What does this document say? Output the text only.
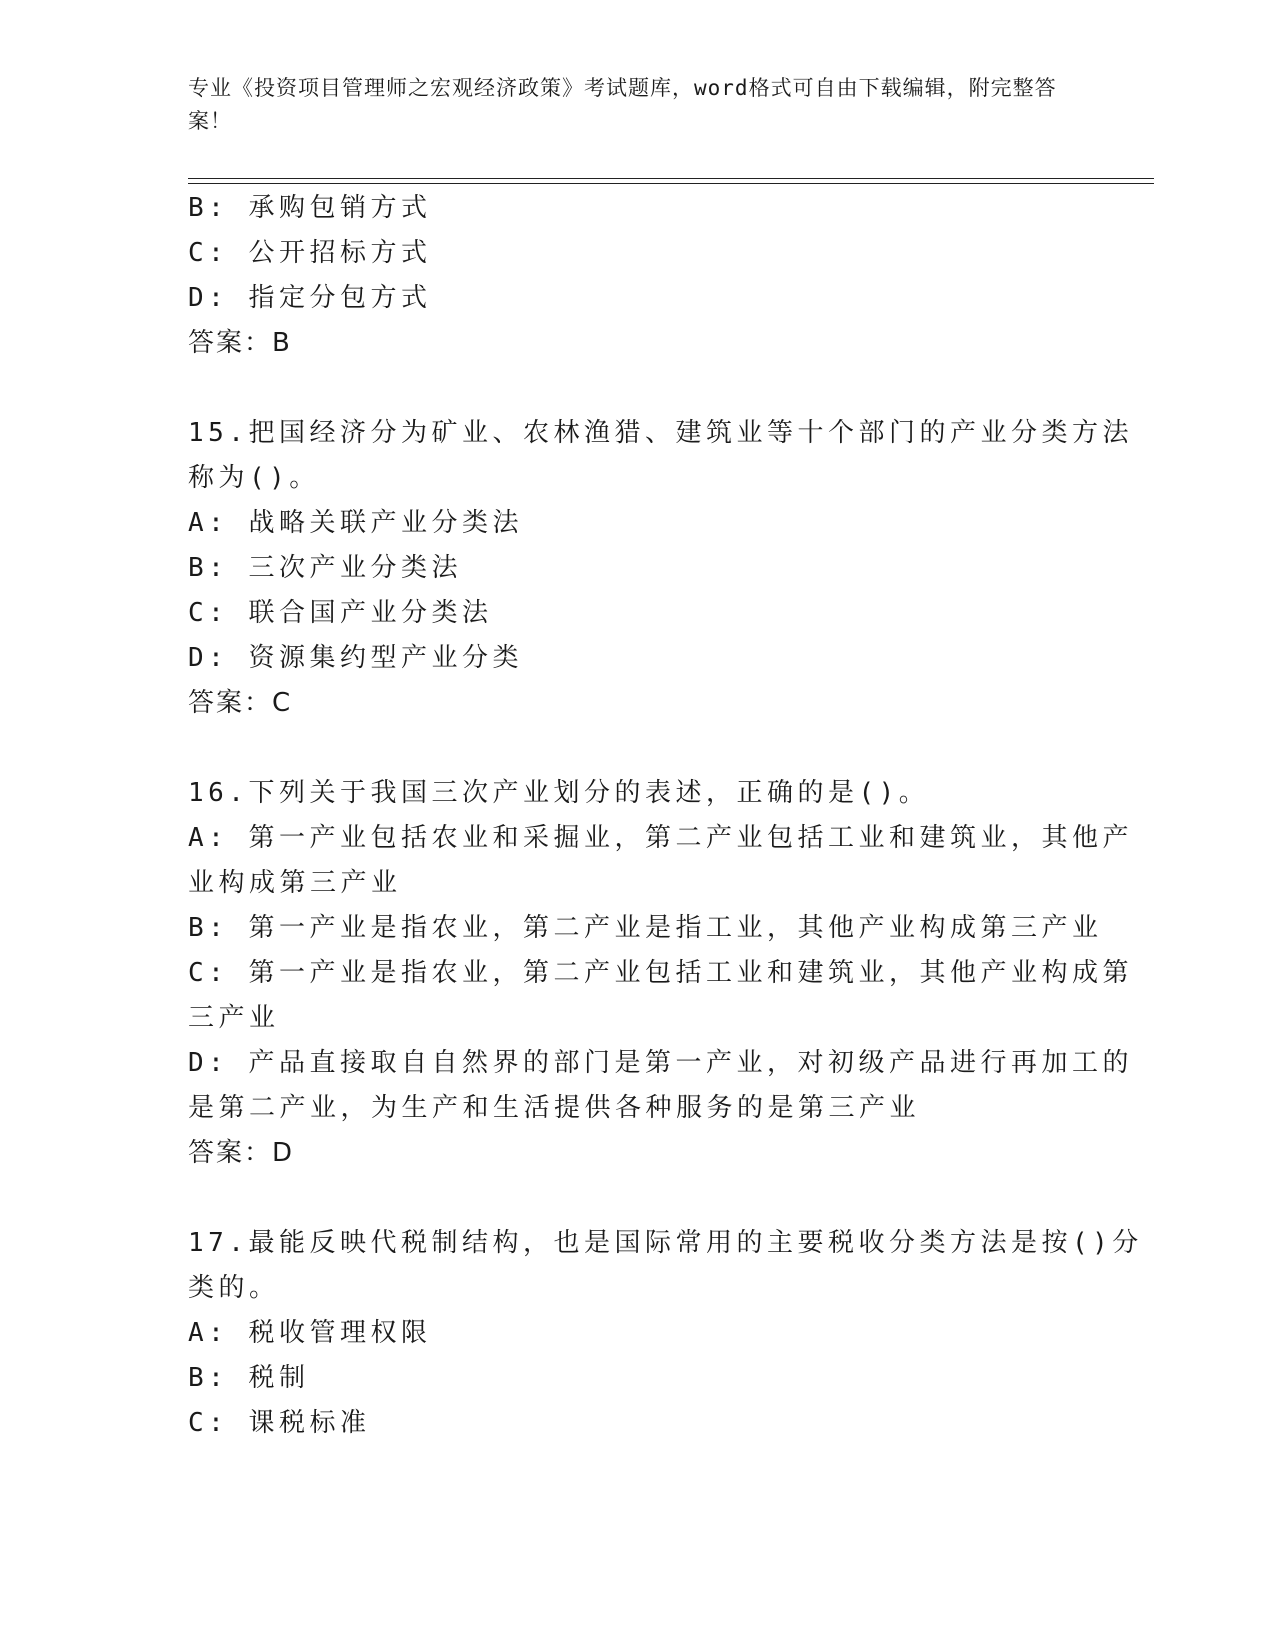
专业《投资项目管理师之宏观经济政策》考试题库，word格式可自由下载编辑，附完整答案！

B: 承购包销方式

C: 公开招标方式

D: 指定分包方式

答案：B

15.把国经济分为矿业、农林渔猎、建筑业等十个部门的产业分类方法

称为()。

A: 战略关联产业分类法

B: 三次产业分类法

C: 联合国产业分类法

D: 资源集约型产业分类

答案：C

16.下列关于我国三次产业划分的表述，正确的是()。

A: 第一产业包括农业和采掘业，第二产业包括工业和建筑业，其他产

业构成第三产业

B: 第一产业是指农业，第二产业是指工业，其他产业构成第三产业

C: 第一产业是指农业，第二产业包括工业和建筑业，其他产业构成第

三产业

D: 产品直接取自自然界的部门是第一产业，对初级产品进行再加工的

是第二产业，为生产和生活提供各种服务的是第三产业

答案：D

17.最能反映代税制结构，也是国际常用的主要税收分类方法是按()分

类的。

A: 税收管理权限

B: 税制

C: 课税标准
